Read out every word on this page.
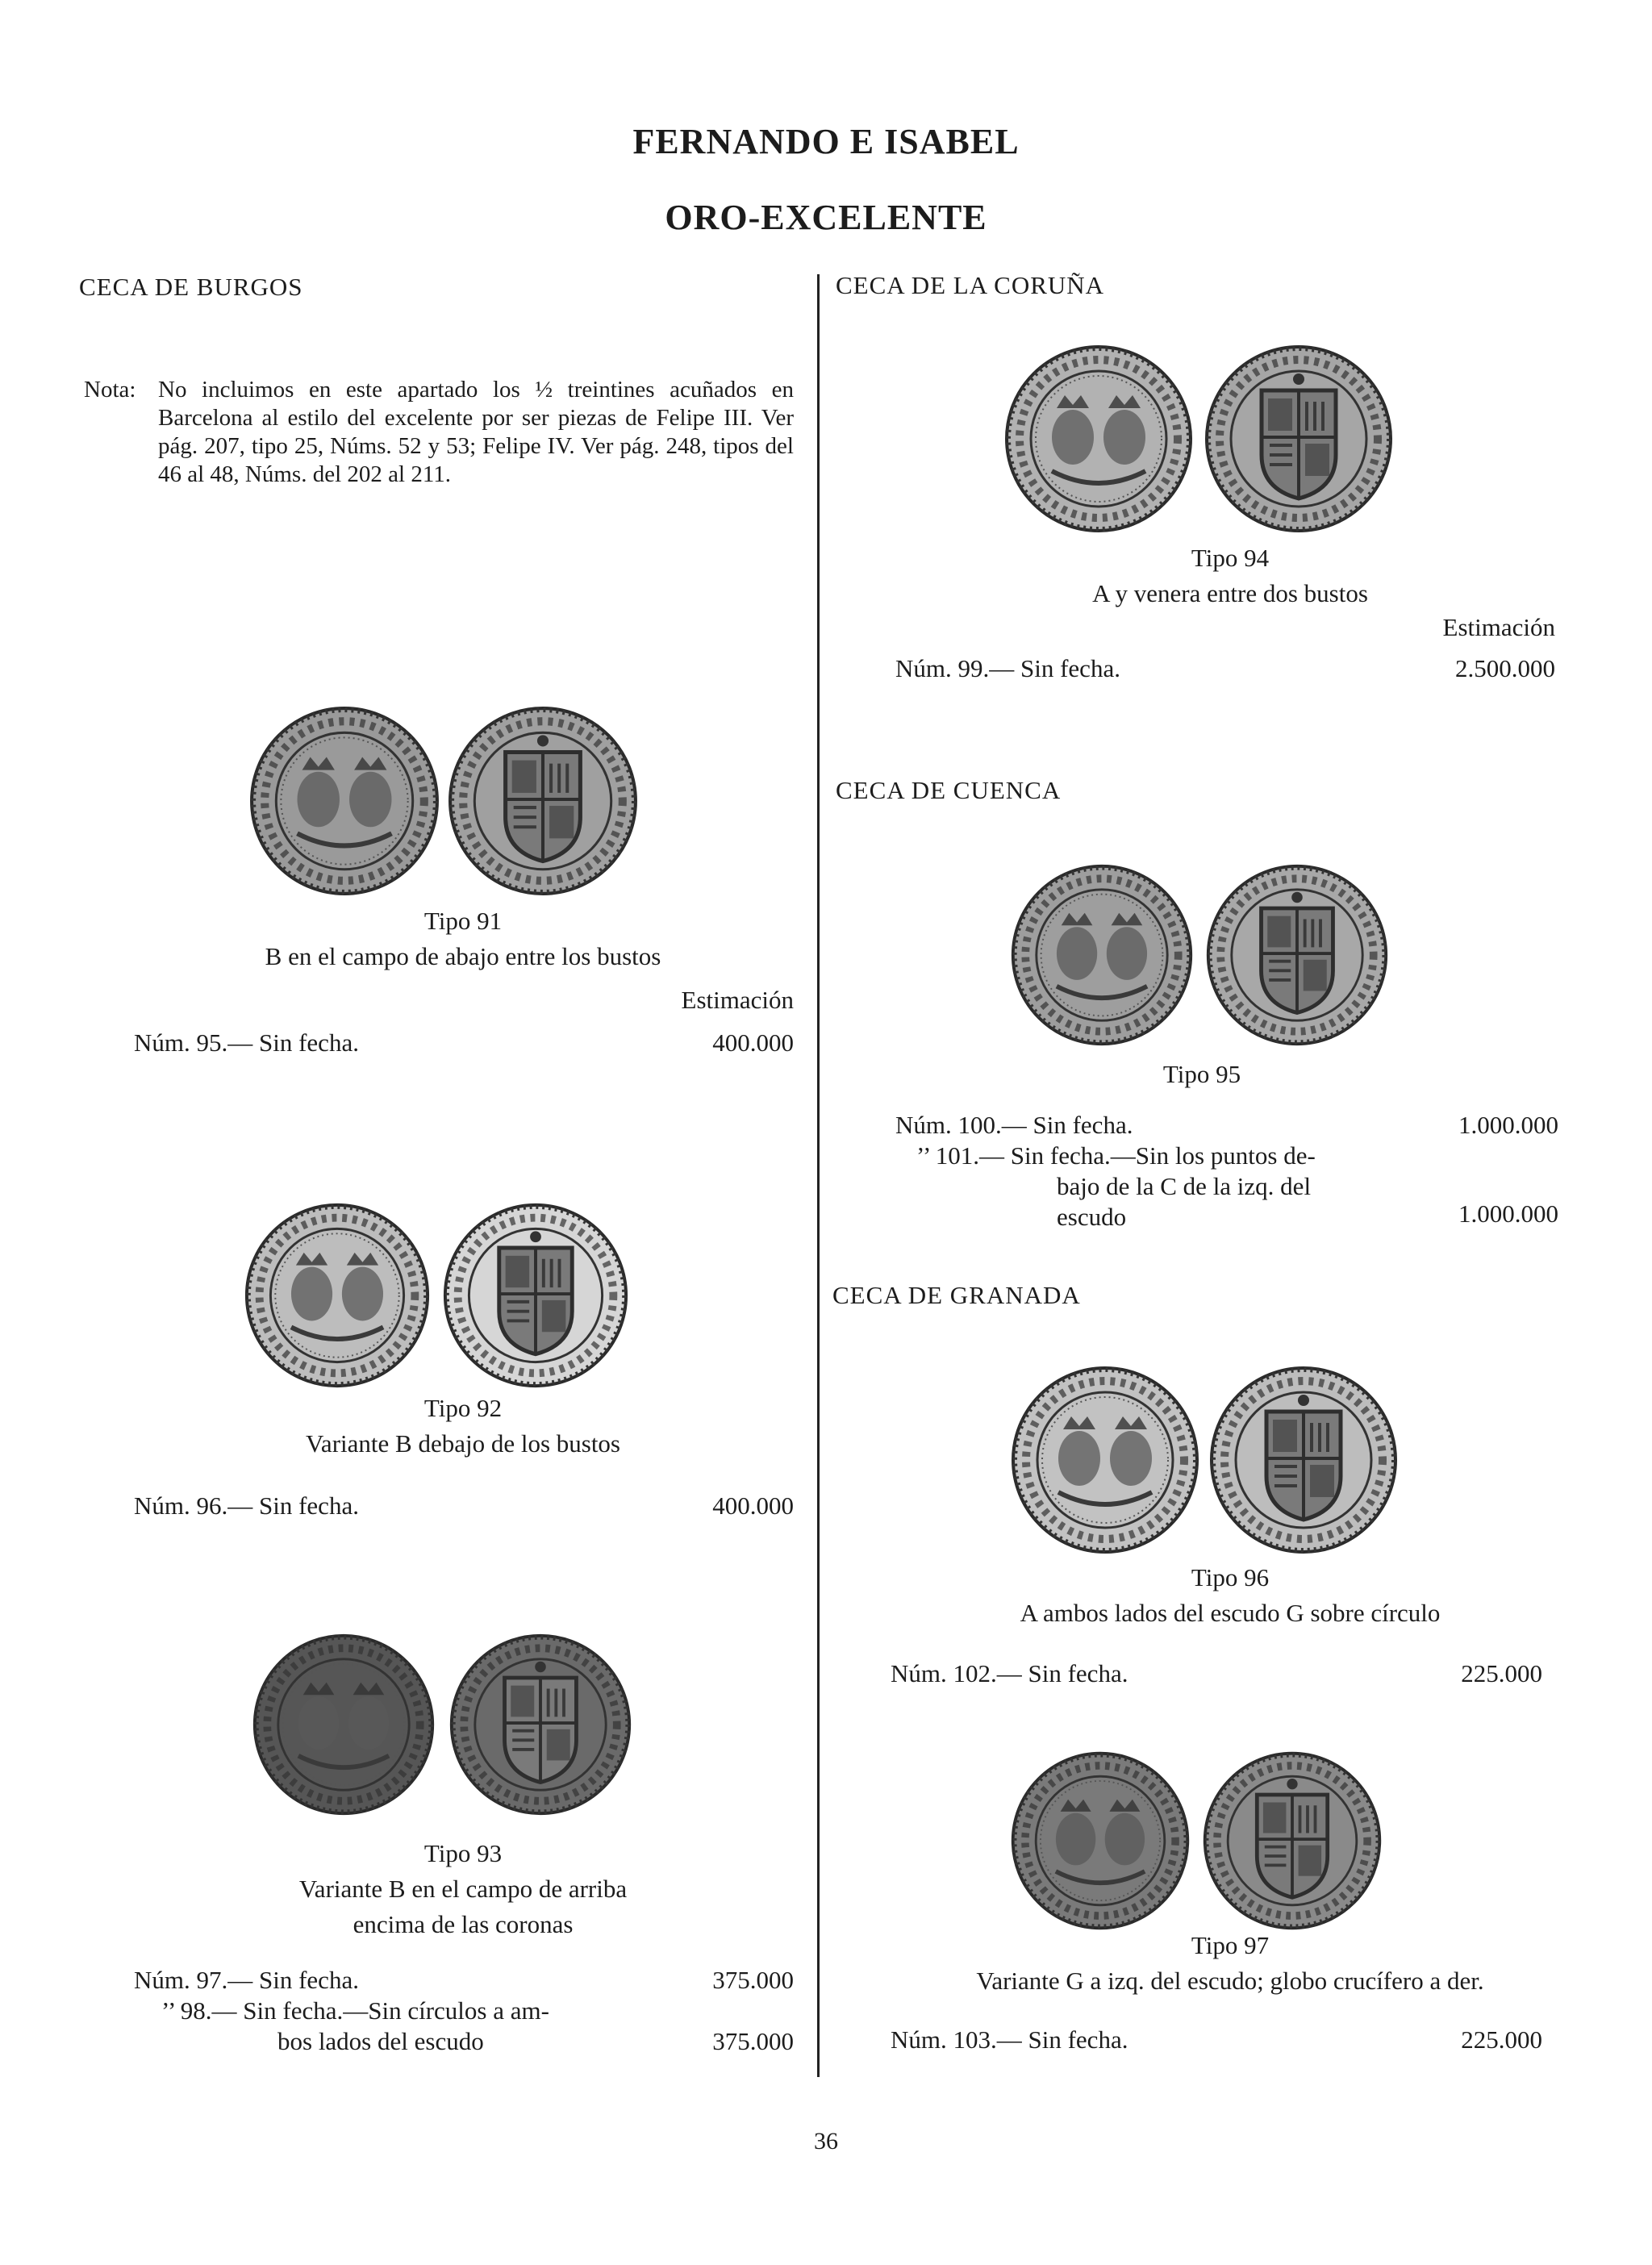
FERNANDO E ISABEL
ORO-EXCELENTE
CECA DE BURGOS
Nota: No incluimos en este apartado los ½ treintines acuñados en Barcelona al estilo del excelente por ser piezas de Felipe III. Ver pág. 207, tipo 25, Núms. 52 y 53; Felipe IV. Ver pág. 248, tipos del 46 al 48, Núms. del 202 al 211.
Tipo 91
B en el campo de abajo entre los bustos
Estimación
Núm. 95.— Sin fecha.	400.000
Tipo 92
Variante B debajo de los bustos
Núm. 96.— Sin fecha.	400.000
Tipo 93
Variante B en el campo de arriba
encima de las coronas
Núm. 97.— Sin fecha.	375.000
’’ 98.— Sin fecha.—Sin círculos a am-
bos lados del escudo	375.000
CECA DE LA CORUÑA
Tipo 94
A y venera entre dos bustos
Estimación
Núm. 99.— Sin fecha.	2.500.000
CECA DE CUENCA
Tipo 95
Núm. 100.— Sin fecha.	1.000.000
’’ 101.— Sin fecha.—Sin los puntos de-
bajo de la C de la izq. del
escudo	1.000.000
CECA DE GRANADA
Tipo 96
A ambos lados del escudo G sobre círculo
Núm. 102.— Sin fecha.	225.000
Tipo 97
Variante G a izq. del escudo; globo crucífero a der.
Núm. 103.— Sin fecha.	225.000
36
